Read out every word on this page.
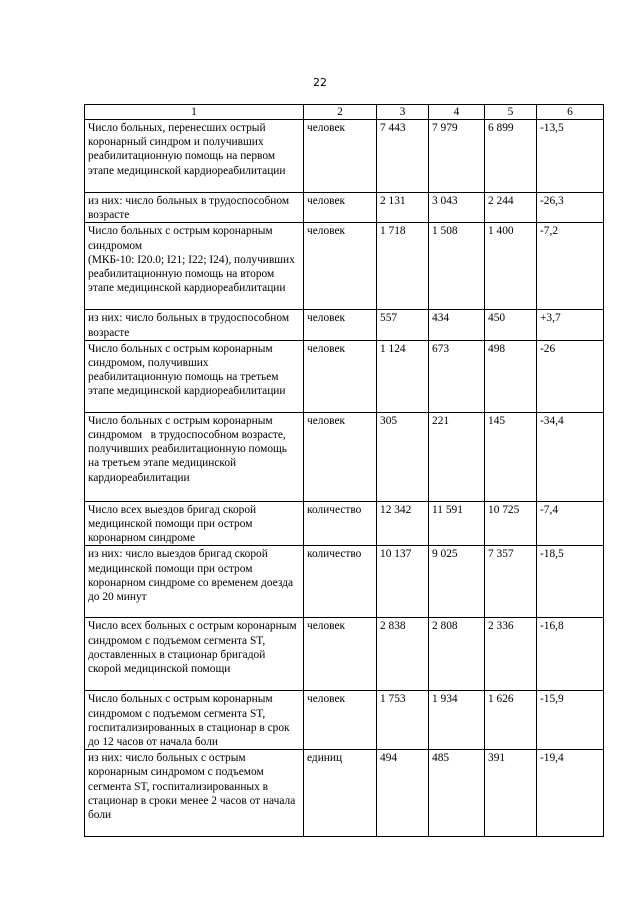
22
1	2	3	4	5	6
Число больных, перенесших острый коронарный синдром и получивших реабилитационную помощь на первом этапе медицинской кардиореабилитации	человек	7 443	7 979	6 899	-13,5
из них: число больных в трудоспособном возрасте	человек	2 131	3 043	2 244	-26,3
Число больных с острым коронарным синдромом
(МКБ-10: I20.0; I21; I22; I24), получивших реабилитационную помощь на втором этапе медицинской кардиореабилитации	человек	1 718	1 508	1 400	-7,2
из них: число больных в трудоспособном возрасте	человек	557	434	450	+3,7
Число больных с острым коронарным синдромом, получивших реабилитационную помощь на третьем этапе медицинской кардиореабилитации	человек	1 124	673	498	-26
Число больных с острым коронарным синдромом   в трудоспособном возрасте, получивших реабилитационную помощь на третьем этапе медицинской кардиореабилитации	человек	305	221	145	-34,4
Число всех выездов бригад скорой медицинской помощи при остром коронарном синдроме	количество	12 342	11 591	10 725	-7,4
из них: число выездов бригад скорой медицинской помощи при остром коронарном синдроме со временем доезда до 20 минут	количество	10 137	9 025	7 357	-18,5
Число всех больных с острым коронарным синдромом с подъемом сегмента ST, доставленных в стационар бригадой скорой медицинской помощи	человек	2 838	2 808	2 336	-16,8
Число больных с острым коронарным синдромом с подъемом сегмента ST, госпитализированных в стационар в срок до 12 часов от начала боли	человек	1 753	1 934	1 626	-15,9
из них: число больных с острым коронарным синдромом с подъемом сегмента ST, госпитализированных в стационар в сроки менее 2 часов от начала боли	единиц	494	485	391	-19,4
